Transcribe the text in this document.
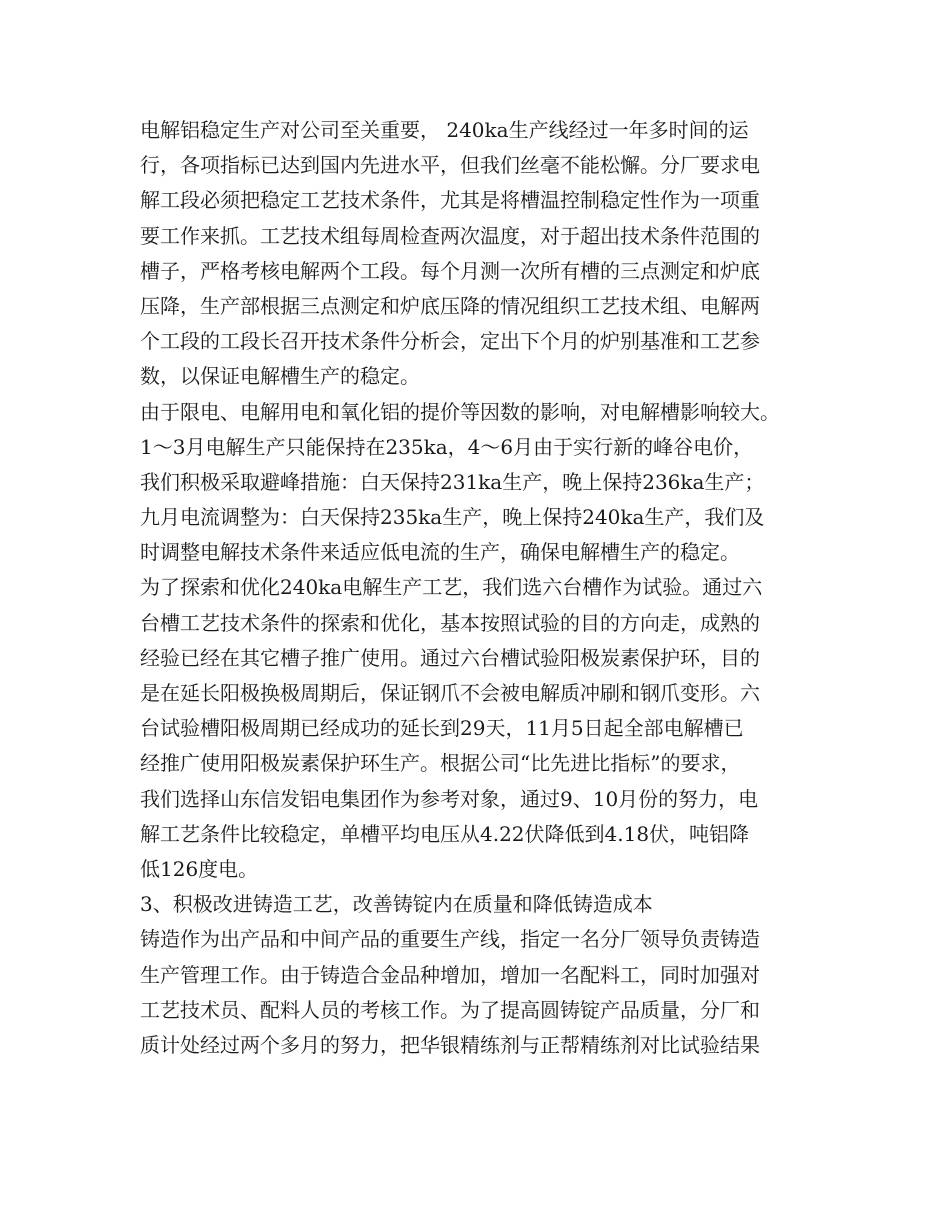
电解铝稳定生产对公司至关重要， 240ka生产线经过一年多时间的运
行，各项指标已达到国内先进水平，但我们丝毫不能松懈。分厂要求电
解工段必须把稳定工艺技术条件，尤其是将槽温控制稳定性作为一项重
要工作来抓。工艺技术组每周检查两次温度，对于超出技术条件范围的
槽子，严格考核电解两个工段。每个月测一次所有槽的三点测定和炉底
压降，生产部根据三点测定和炉底压降的情况组织工艺技术组、电解两
个工段的工段长召开技术条件分析会，定出下个月的炉别基准和工艺参
数，以保证电解槽生产的稳定。
由于限电、电解用电和氧化铝的提价等因数的影响，对电解槽影响较大。
1～3月电解生产只能保持在235ka，4～6月由于实行新的峰谷电价，
我们积极采取避峰措施：白天保持231ka生产，晚上保持236ka生产；
九月电流调整为：白天保持235ka生产，晚上保持240ka生产，我们及
时调整电解技术条件来适应低电流的生产，确保电解槽生产的稳定。
为了探索和优化240ka电解生产工艺，我们选六台槽作为试验。通过六
台槽工艺技术条件的探索和优化，基本按照试验的目的方向走，成熟的
经验已经在其它槽子推广使用。通过六台槽试验阳极炭素保护环，目的
是在延长阳极换极周期后，保证钢爪不会被电解质冲刷和钢爪变形。六
台试验槽阳极周期已经成功的延长到29天，11月5日起全部电解槽已
经推广使用阳极炭素保护环生产。根据公司“比先进比指标”的要求，
我们选择山东信发铝电集团作为参考对象，通过9、10月份的努力，电
解工艺条件比较稳定，单槽平均电压从4.22伏降低到4.18伏，吨铝降
低126度电。
3、积极改进铸造工艺，改善铸锭内在质量和降低铸造成本
铸造作为出产品和中间产品的重要生产线，指定一名分厂领导负责铸造
生产管理工作。由于铸造合金品种增加，增加一名配料工，同时加强对
工艺技术员、配料人员的考核工作。为了提高圆铸锭产品质量，分厂和
质计处经过两个多月的努力，把华银精练剂与正帮精练剂对比试验结果
